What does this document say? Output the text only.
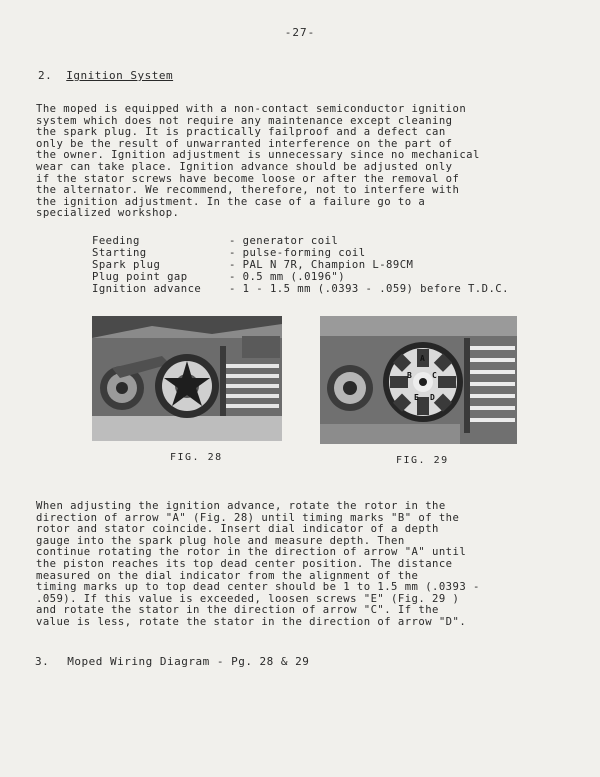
-27-
2. Ignition System
The moped is equipped with a non-contact semiconductor ignition
system which does not require any maintenance except cleaning
the spark plug. It is practically failproof and a defect can
only be the result of unwarranted interference on the part of
the owner. Ignition adjustment is unnecessary since no mechanical
wear can take place. Ignition advance should be adjusted only
if the stator screws have become loose or after the removal of
the alternator. We recommend, therefore, not to interfere with
the ignition adjustment. In the case of a failure go to a
specialized workshop.
Feeding	- generator coil
Starting	- pulse-forming coil
Spark plug	- PAL N 7R, Champion L-89CM
Plug point gap	- 0.5 mm (.0196")
Ignition advance	- 1 - 1.5 mm (.0393 - .059) before T.D.C.
A
B	C
D
E
FIG. 28	FIG. 29
When adjusting the ignition advance, rotate the rotor in the
direction of arrow "A" (Fig. 28) until timing marks "B" of the
rotor and stator coincide. Insert dial indicator of a depth
gauge into the spark plug hole and measure depth. Then
continue rotating the rotor in the direction of arrow "A" until
the piston reaches its top dead center position. The distance
measured on the dial indicator from the alignment of the
timing marks up to top dead center should be 1 to 1.5 mm (.0393 -
.059). If this value is exceeded, loosen screws "E" (Fig. 29 )
and rotate the stator in the direction of arrow "C". If the
value is less, rotate the stator in the direction of arrow "D".
3. Moped Wiring Diagram - Pg. 28 & 29
